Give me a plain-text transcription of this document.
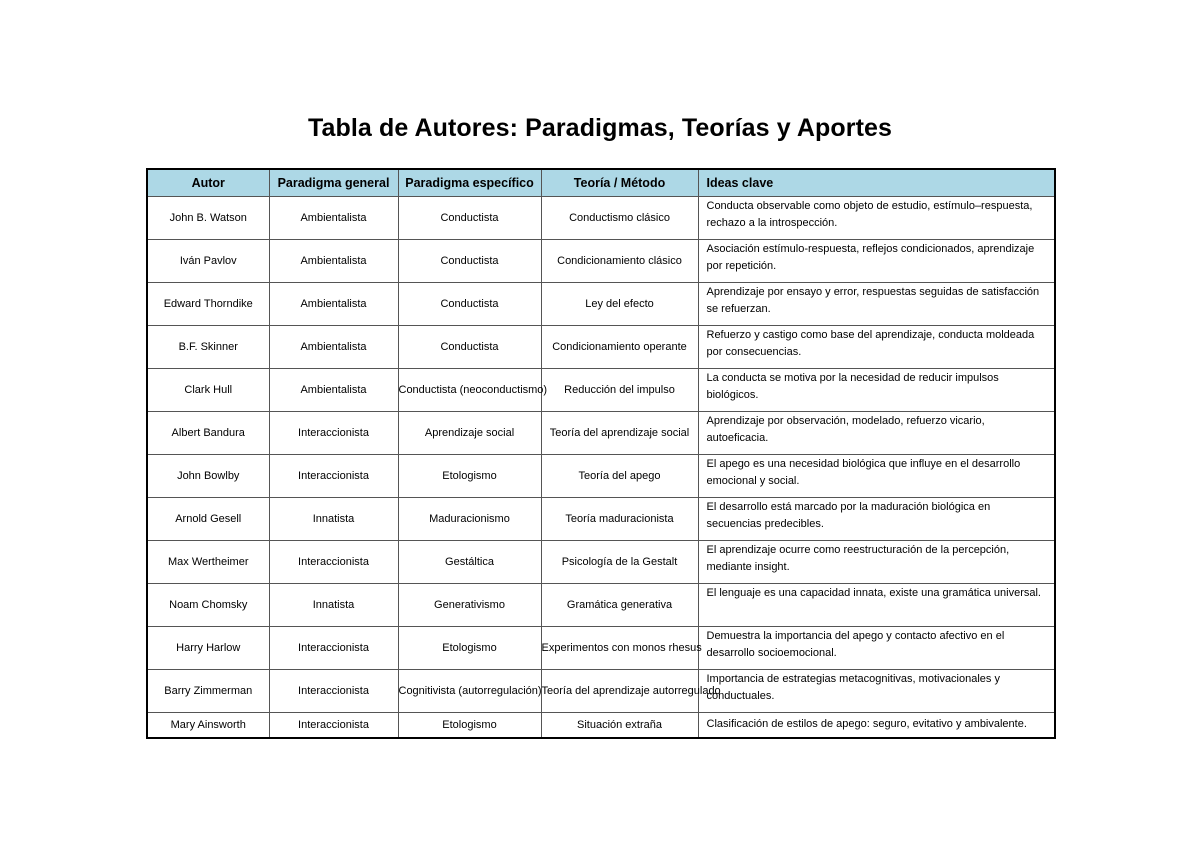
Tabla de Autores: Paradigmas, Teorías y Aportes
Autor	Paradigma general	Paradigma específico	Teoría / Método	Ideas clave
John B. Watson	Ambientalista	Conductista	Conductismo clásico	Conducta observable como objeto de estudio, estímulo–respuesta, rechazo a la introspección.
Iván Pavlov	Ambientalista	Conductista	Condicionamiento clásico	Asociación estímulo-respuesta, reflejos condicionados, aprendizaje por repetición.
Edward Thorndike	Ambientalista	Conductista	Ley del efecto	Aprendizaje por ensayo y error, respuestas seguidas de satisfacción se refuerzan.
B.F. Skinner	Ambientalista	Conductista	Condicionamiento operante	Refuerzo y castigo como base del aprendizaje, conducta moldeada por consecuencias.
Clark Hull	Ambientalista	Conductista (neoconductismo)	Reducción del impulso	La conducta se motiva por la necesidad de reducir impulsos biológicos.
Albert Bandura	Interaccionista	Aprendizaje social	Teoría del aprendizaje social	Aprendizaje por observación, modelado, refuerzo vicario, autoeficacia.
John Bowlby	Interaccionista	Etologismo	Teoría del apego	El apego es una necesidad biológica que influye en el desarrollo emocional y social.
Arnold Gesell	Innatista	Maduracionismo	Teoría maduracionista	El desarrollo está marcado por la maduración biológica en secuencias predecibles.
Max Wertheimer	Interaccionista	Gestáltica	Psicología de la Gestalt	El aprendizaje ocurre como reestructuración de la percepción, mediante insight.
Noam Chomsky	Innatista	Generativismo	Gramática generativa	El lenguaje es una capacidad innata, existe una gramática universal.
Harry Harlow	Interaccionista	Etologismo	Experimentos con monos rhesus	Demuestra la importancia del apego y contacto afectivo en el desarrollo socioemocional.
Barry Zimmerman	Interaccionista	Cognitivista (autorregulación)	Teoría del aprendizaje autorregulado	Importancia de estrategias metacognitivas, motivacionales y conductuales.
Mary Ainsworth	Interaccionista	Etologismo	Situación extraña	Clasificación de estilos de apego: seguro, evitativo y ambivalente.
